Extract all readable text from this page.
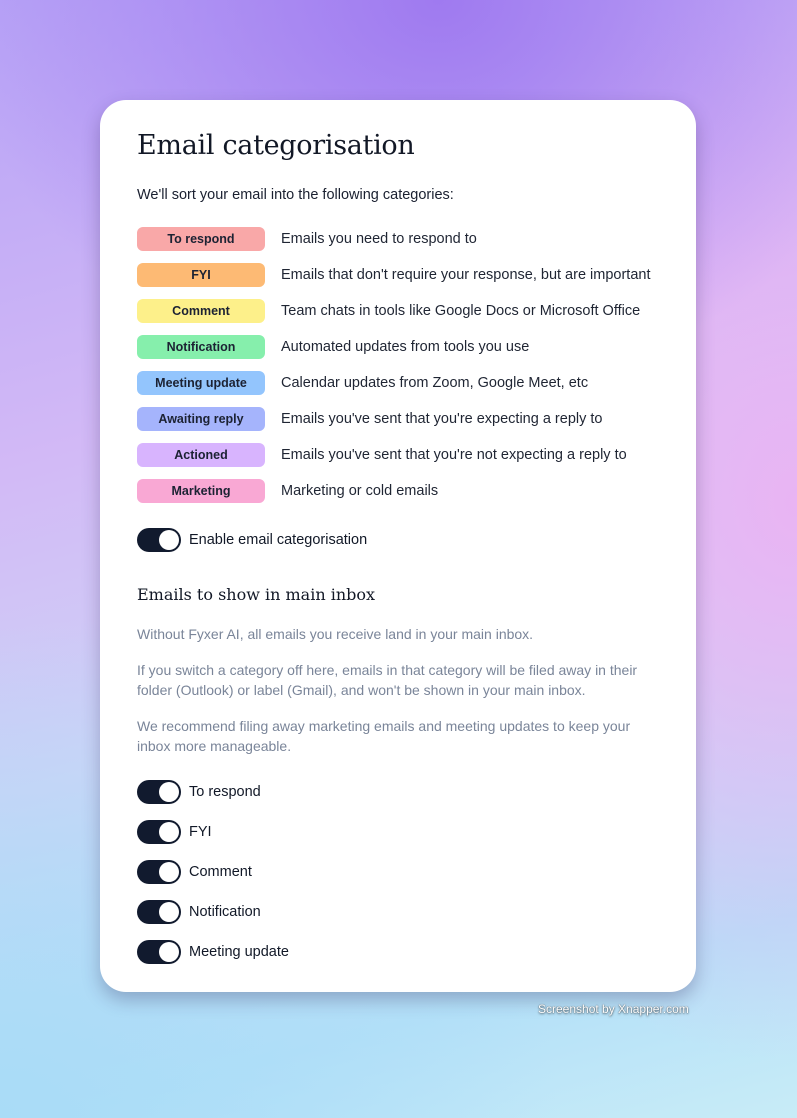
Email categorisation
We'll sort your email into the following categories:
To respond	Emails you need to respond to
FYI	Emails that don't require your response, but are important
Comment	Team chats in tools like Google Docs or Microsoft Office
Notification	Automated updates from tools you use
Meeting update	Calendar updates from Zoom, Google Meet, etc
Awaiting reply	Emails you've sent that you're expecting a reply to
Actioned	Emails you've sent that you're not expecting a reply to
Marketing	Marketing or cold emails
Enable email categorisation
Emails to show in main inbox

Without Fyxer AI, all emails you receive land in your main inbox.

If you switch a category off here, emails in that category will be filed away in their folder (Outlook) or label (Gmail), and won't be shown in your main inbox.

We recommend filing away marketing emails and meeting updates to keep your inbox more manageable.

To respond
FYI
Comment
Notification
Meeting update
Screenshot by Xnapper.com
